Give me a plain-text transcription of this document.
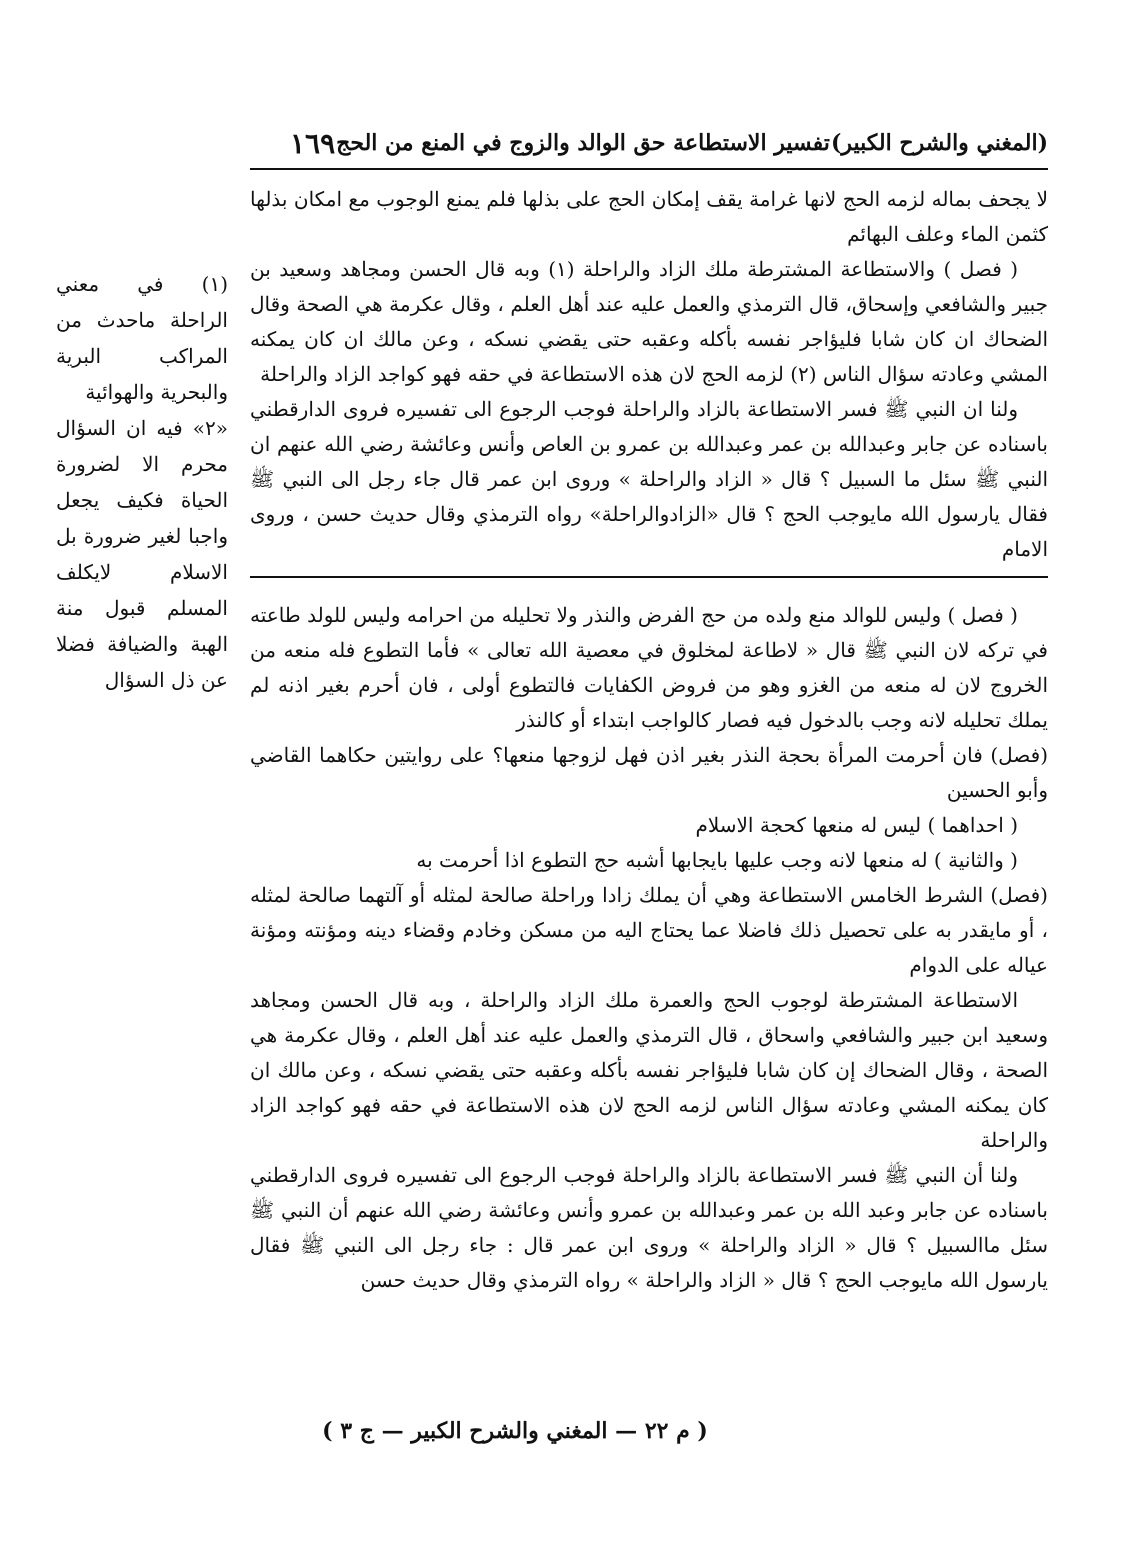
(المغني والشرح الكبير)
تفسير الاستطاعة حق الوالد والزوج في المنع من الحج
١٦٩

لا يجحف بماله لزمه الحج لانها غرامة يقف إمكان الحج على بذلها فلم يمنع الوجوب مع امكان بذلها كثمن الماء وعلف البهائم

( فصل ) والاستطاعة المشترطة ملك الزاد والراحلة (١) وبه قال الحسن ومجاهد وسعيد بن جبير والشافعي وإسحاق، قال الترمذي والعمل عليه عند أهل العلم ، وقال عكرمة هي الصحة وقال الضحاك ان كان شابا فليؤاجر نفسه بأكله وعقبه حتى يقضي نسكه ، وعن مالك ان كان يمكنه المشي وعادته سؤال الناس (٢) لزمه الحج لان هذه الاستطاعة في حقه فهو كواجد الزاد والراحلة

ولنا ان النبي ﷺ فسر الاستطاعة بالزاد والراحلة فوجب الرجوع الى تفسيره فروى الدارقطني باسناده عن جابر وعبدالله بن عمر وعبدالله بن عمرو بن العاص وأنس وعائشة رضي الله عنهم ان النبي ﷺ سئل ما السبيل ؟ قال « الزاد والراحلة » وروى ابن عمر قال جاء رجل الى النبي ﷺ فقال يارسول الله مايوجب الحج ؟ قال «الزادوالراحلة» رواه الترمذي وقال حديث حسن ، وروى الامام

( فصل ) وليس للوالد منع ولده من حج الفرض والنذر ولا تحليله من احرامه وليس للولد طاعته في تركه لان النبي ﷺ قال « لاطاعة لمخلوق في معصية الله تعالى » فأما التطوع فله منعه من الخروج لان له منعه من الغزو وهو من فروض الكفايات فالتطوع أولى ، فان أحرم بغير اذنه لم يملك تحليله لانه وجب بالدخول فيه فصار كالواجب ابتداء أو كالنذر

(فصل) فان أحرمت المرأة بحجة النذر بغير اذن فهل لزوجها منعها؟ على روايتين حكاهما القاضي وأبو الحسين

( احداهما ) ليس له منعها كحجة الاسلام

( والثانية ) له منعها لانه وجب عليها بايجابها أشبه حج التطوع اذا أحرمت به

(فصل) الشرط الخامس الاستطاعة وهي أن يملك زادا وراحلة صالحة لمثله أو آلتهما صالحة لمثله ، أو مايقدر به على تحصيل ذلك فاضلا عما يحتاج اليه من مسكن وخادم وقضاء دينه ومؤنته ومؤنة عياله على الدوام

الاستطاعة المشترطة لوجوب الحج والعمرة ملك الزاد والراحلة ، وبه قال الحسن ومجاهد وسعيد ابن جبير والشافعي واسحاق ، قال الترمذي والعمل عليه عند أهل العلم ، وقال عكرمة هي الصحة ، وقال الضحاك إن كان شابا فليؤاجر نفسه بأكله وعقبه حتى يقضي نسكه ، وعن مالك ان كان يمكنه المشي وعادته سؤال الناس لزمه الحج لان هذه الاستطاعة في حقه فهو كواجد الزاد والراحلة

ولنا أن النبي ﷺ فسر الاستطاعة بالزاد والراحلة فوجب الرجوع الى تفسيره فروى الدارقطني باسناده عن جابر وعبد الله بن عمر وعبدالله بن عمرو وأنس وعائشة رضي الله عنهم أن النبي ﷺ سئل ماالسبيل ؟ قال « الزاد والراحلة » وروى ابن عمر قال : جاء رجل الى النبي ﷺ فقال يارسول الله مايوجب الحج ؟ قال « الزاد والراحلة » رواه الترمذي وقال حديث حسن

(١) في معني الراحلة ماحدث من المراكب البرية والبحرية والهوائية

«٢» فيه ان السؤال محرم الا لضرورة الحياة فكيف يجعل واجبا لغير ضرورة بل الاسلام لايكلف المسلم قبول منة الهبة والضيافة فضلا عن ذل السؤال

( م ٢٢ — المغني والشرح الكبير — ج ٣ )
